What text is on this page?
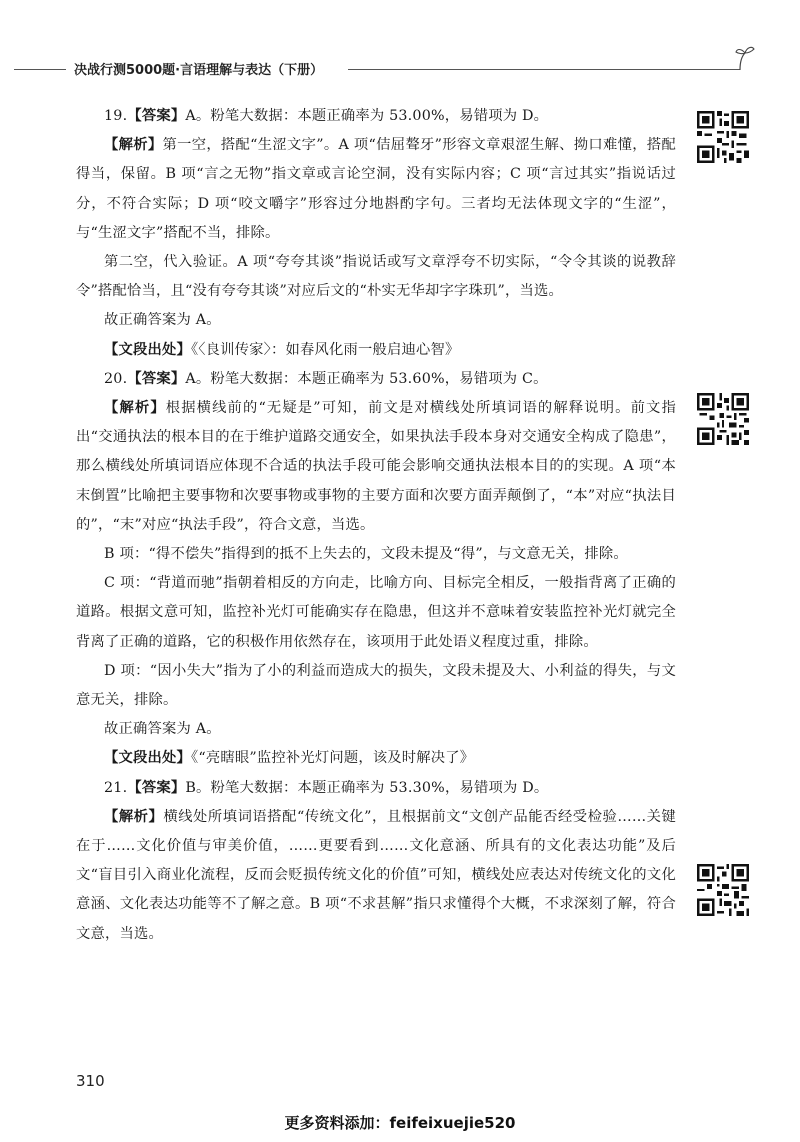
决战行测5000题·言语理解与表达（下册）

19.【答案】A。粉笔大数据：本题正确率为 53.00%，易错项为 D。

【解析】第一空，搭配“生涩文字”。A 项“佶屈聱牙”形容文章艰涩生解、拗口难懂，搭配得当，保留。B 项“言之无物”指文章或言论空洞，没有实际内容；C 项“言过其实”指说话过分，不符合实际；D 项“咬文嚼字”形容过分地斟酌字句。三者均无法体现文字的“生涩”，与“生涩文字”搭配不当，排除。

第二空，代入验证。A 项“夸夸其谈”指说话或写文章浮夸不切实际，“令令其谈的说教辞令”搭配恰当，且“没有夸夸其谈”对应后文的“朴实无华却字字珠玑”，当选。

故正确答案为 A。

【文段出处】《〈良训传家〉：如春风化雨一般启迪心智》

20.【答案】A。粉笔大数据：本题正确率为 53.60%，易错项为 C。

【解析】根据横线前的“无疑是”可知，前文是对横线处所填词语的解释说明。前文指出“交通执法的根本目的在于维护道路交通安全，如果执法手段本身对交通安全构成了隐患”，那么横线处所填词语应体现不合适的执法手段可能会影响交通执法根本目的的实现。A 项“本末倒置”比喻把主要事物和次要事物或事物的主要方面和次要方面弄颠倒了，“本”对应“执法目的”，“末”对应“执法手段”，符合文意，当选。

B 项：“得不偿失”指得到的抵不上失去的，文段未提及“得”，与文意无关，排除。

C 项：“背道而驰”指朝着相反的方向走，比喻方向、目标完全相反，一般指背离了正确的道路。根据文意可知，监控补光灯可能确实存在隐患，但这并不意味着安装监控补光灯就完全背离了正确的道路，它的积极作用依然存在，该项用于此处语义程度过重，排除。

D 项：“因小失大”指为了小的利益而造成大的损失，文段未提及大、小利益的得失，与文意无关，排除。

故正确答案为 A。

【文段出处】《“亮瞎眼”监控补光灯问题，该及时解决了》

21.【答案】B。粉笔大数据：本题正确率为 53.30%，易错项为 D。

【解析】横线处所填词语搭配“传统文化”，且根据前文“文创产品能否经受检验……关键在于……文化价值与审美价值，……更要看到……文化意涵、所具有的文化表达功能”及后文“盲目引入商业化流程，反而会贬损传统文化的价值”可知，横线处应表达对传统文化的文化意涵、文化表达功能等不了解之意。B 项“不求甚解”指只求懂得个大概，不求深刻了解，符合文意，当选。

310
更多资料添加：feifeixuejie520
